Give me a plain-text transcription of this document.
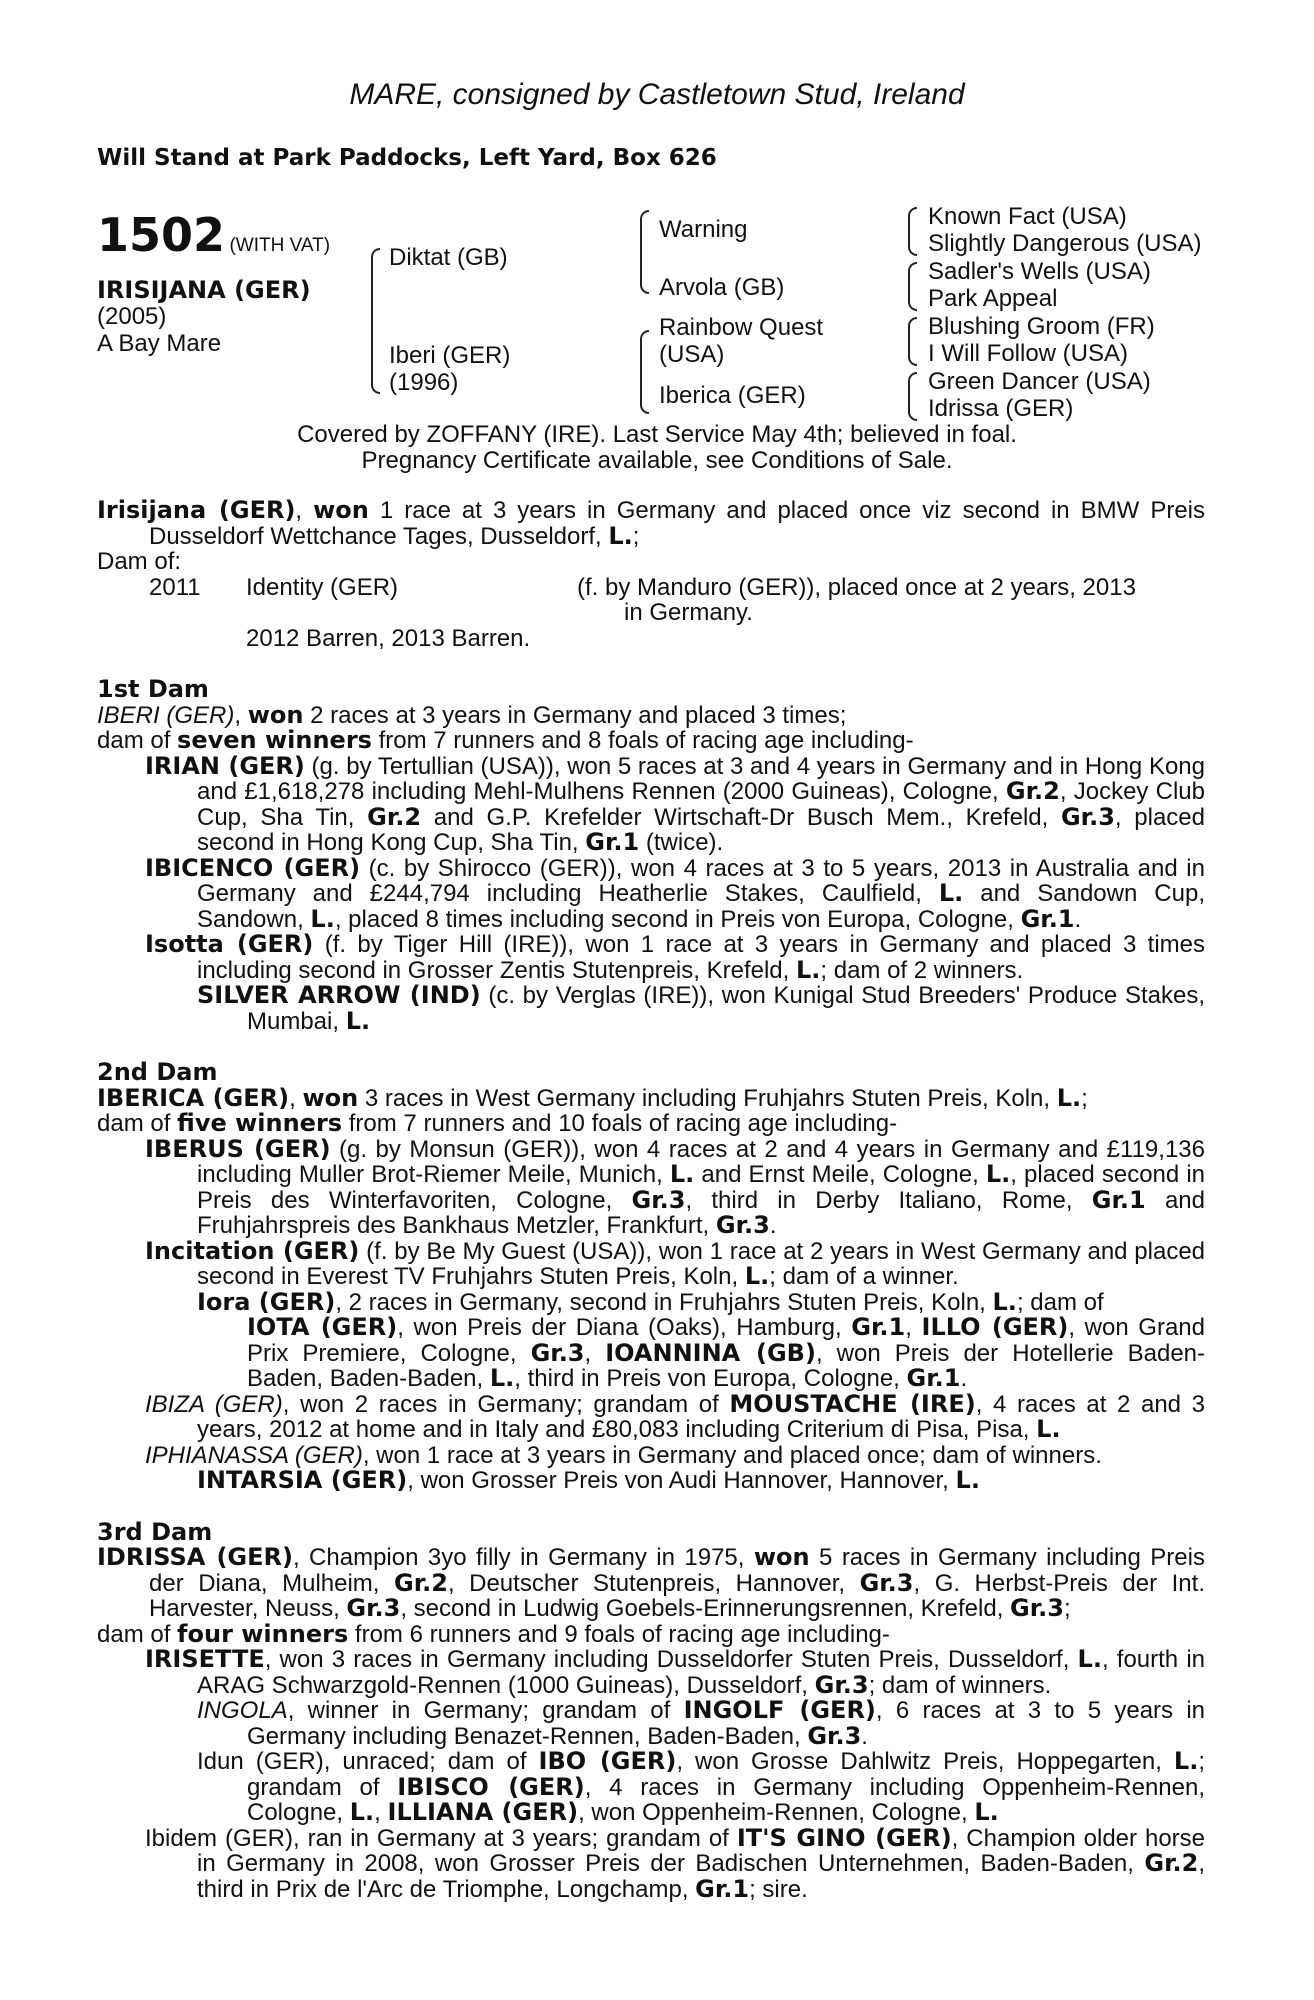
MARE, consigned by Castletown Stud, Ireland
Will Stand at Park Paddocks, Left Yard, Box 626
1502 (WITH VAT)
IRISIJANA (GER)
(2005)
A Bay Mare
Diktat (GB)
Iberi (GER)
(1996)
Warning
Arvola (GB)
Rainbow Quest
(USA)
Iberica (GER)
Known Fact (USA)
Slightly Dangerous (USA)
Sadler's Wells (USA)
Park Appeal
Blushing Groom (FR)
I Will Follow (USA)
Green Dancer (USA)
Idrissa (GER)
Covered by ZOFFANY (IRE). Last Service May 4th; believed in foal.
Pregnancy Certificate available, see Conditions of Sale.

Irisijana (GER), won 1 race at 3 years in Germany and placed once viz second in BMW Preis Dusseldorf Wettchance Tages, Dusseldorf, L.;

Dam of:

2011 Identity (GER)	(f. by Manduro (GER)), placed once at 2 years, 2013
in Germany.

2012 Barren, 2013 Barren.

1st Dam

IBERI (GER), won 2 races at 3 years in Germany and placed 3 times;

dam of seven winners from 7 runners and 8 foals of racing age including-

IRIAN (GER) (g. by Tertullian (USA)), won 5 races at 3 and 4 years in Germany and in Hong Kong and £1,618,278 including Mehl-Mulhens Rennen (2000 Guineas), Cologne, Gr.2, Jockey Club Cup, Sha Tin, Gr.2 and G.P. Krefelder Wirtschaft-Dr Busch Mem., Krefeld, Gr.3, placed second in Hong Kong Cup, Sha Tin, Gr.1 (twice).

IBICENCO (GER) (c. by Shirocco (GER)), won 4 races at 3 to 5 years, 2013 in Australia and in Germany and £244,794 including Heatherlie Stakes, Caulfield, L. and Sandown Cup, Sandown, L., placed 8 times including second in Preis von Europa, Cologne, Gr.1.

Isotta (GER) (f. by Tiger Hill (IRE)), won 1 race at 3 years in Germany and placed 3 times including second in Grosser Zentis Stutenpreis, Krefeld, L.; dam of 2 winners.

SILVER ARROW (IND) (c. by Verglas (IRE)), won Kunigal Stud Breeders' Produce Stakes, Mumbai, L.

2nd Dam

IBERICA (GER), won 3 races in West Germany including Fruhjahrs Stuten Preis, Koln, L.;

dam of five winners from 7 runners and 10 foals of racing age including-

IBERUS (GER) (g. by Monsun (GER)), won 4 races at 2 and 4 years in Germany and £119,136 including Muller Brot-Riemer Meile, Munich, L. and Ernst Meile, Cologne, L., placed second in Preis des Winterfavoriten, Cologne, Gr.3, third in Derby Italiano, Rome, Gr.1 and Fruhjahrspreis des Bankhaus Metzler, Frankfurt, Gr.3.

Incitation (GER) (f. by Be My Guest (USA)), won 1 race at 2 years in West Germany and placed second in Everest TV Fruhjahrs Stuten Preis, Koln, L.; dam of a winner.

Iora (GER), 2 races in Germany, second in Fruhjahrs Stuten Preis, Koln, L.; dam of

IOTA (GER), won Preis der Diana (Oaks), Hamburg, Gr.1, ILLO (GER), won Grand Prix Premiere, Cologne, Gr.3, IOANNINA (GB), won Preis der Hotellerie Baden-Baden, Baden-Baden, L., third in Preis von Europa, Cologne, Gr.1.

IBIZA (GER), won 2 races in Germany; grandam of MOUSTACHE (IRE), 4 races at 2 and 3 years, 2012 at home and in Italy and £80,083 including Criterium di Pisa, Pisa, L.

IPHIANASSA (GER), won 1 race at 3 years in Germany and placed once; dam of winners.

INTARSIA (GER), won Grosser Preis von Audi Hannover, Hannover, L.

3rd Dam

IDRISSA (GER), Champion 3yo filly in Germany in 1975, won 5 races in Germany including Preis der Diana, Mulheim, Gr.2, Deutscher Stutenpreis, Hannover, Gr.3, G. Herbst-Preis der Int. Harvester, Neuss, Gr.3, second in Ludwig Goebels-Erinnerungsrennen, Krefeld, Gr.3;

dam of four winners from 6 runners and 9 foals of racing age including-

IRISETTE, won 3 races in Germany including Dusseldorfer Stuten Preis, Dusseldorf, L., fourth in ARAG Schwarzgold-Rennen (1000 Guineas), Dusseldorf, Gr.3; dam of winners.

INGOLA, winner in Germany; grandam of INGOLF (GER), 6 races at 3 to 5 years in Germany including Benazet-Rennen, Baden-Baden, Gr.3.

Idun (GER), unraced; dam of IBO (GER), won Grosse Dahlwitz Preis, Hoppegarten, L.; grandam of IBISCO (GER), 4 races in Germany including Oppenheim-Rennen, Cologne, L., ILLIANA (GER), won Oppenheim-Rennen, Cologne, L.

Ibidem (GER), ran in Germany at 3 years; grandam of IT'S GINO (GER), Champion older horse in Germany in 2008, won Grosser Preis der Badischen Unternehmen, Baden-Baden, Gr.2, third in Prix de l'Arc de Triomphe, Longchamp, Gr.1; sire.
